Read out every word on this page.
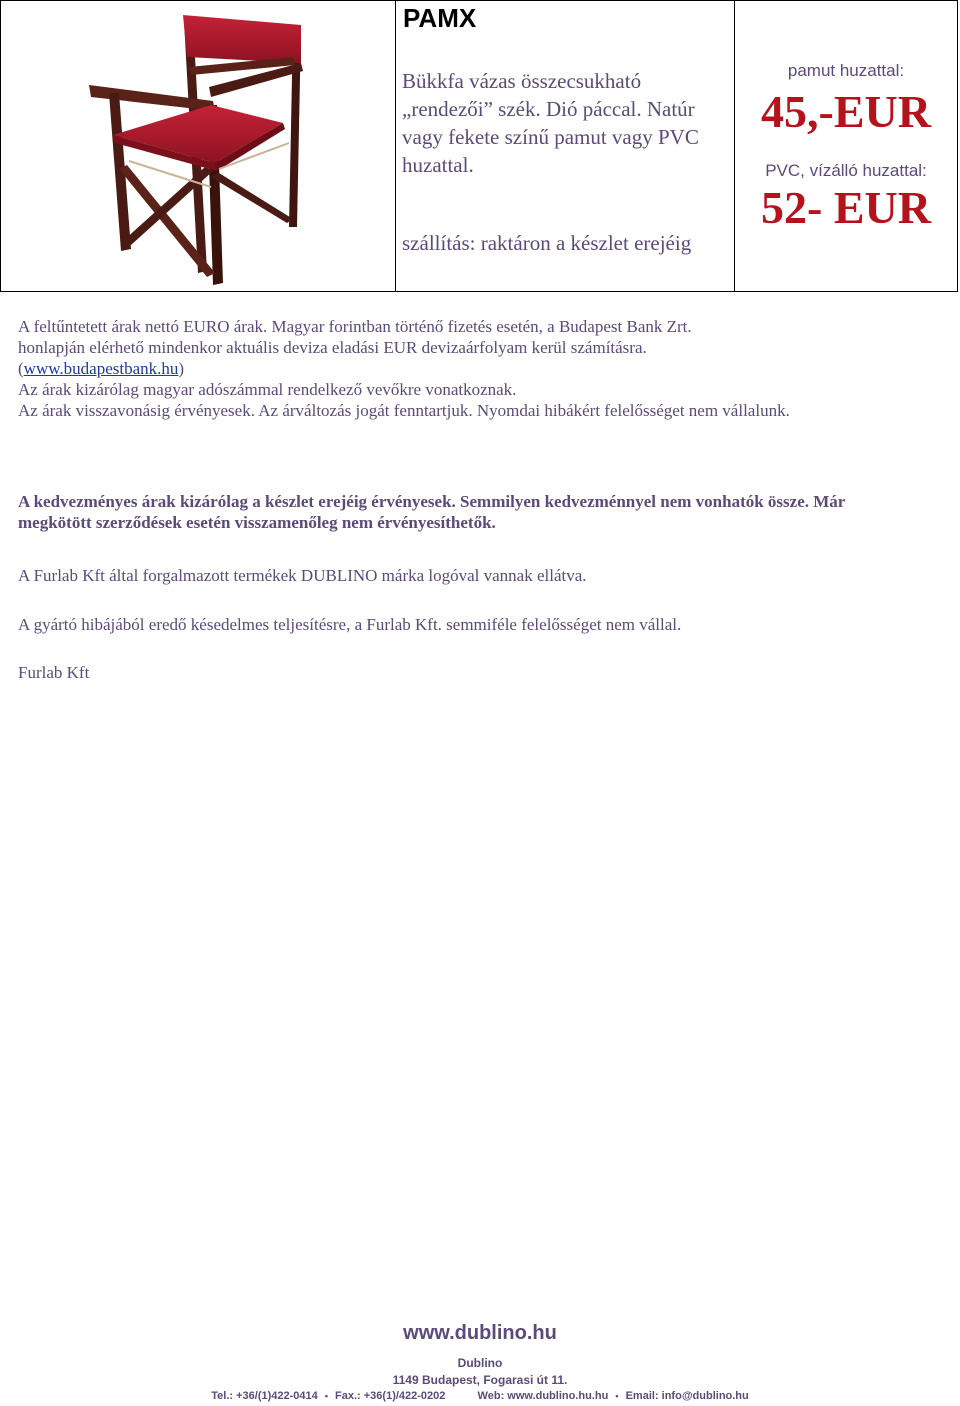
PAMX
Bükkfa vázas összecsukható „rendezői” szék. Dió páccal. Natúr vagy fekete színű pamut vagy PVC huzattal.
szállítás: raktáron a készlet erejéig
pamut huzattal:
45,-EUR
PVC, vízálló huzattal:
52- EUR

A feltűntetett árak nettó EURO árak. Magyar forintban történő fizetés esetén, a Budapest Bank Zrt.

honlapján elérhető mindenkor aktuális deviza eladási EUR devizaárfolyam kerül számításra.

(www.budapestbank.hu)

Az árak kizárólag magyar adószámmal rendelkező vevőkre vonatkoznak.

Az árak visszavonásig érvényesek. Az árváltozás jogát fenntartjuk. Nyomdai hibákért felelősséget nem vállalunk.

A kedvezményes árak kizárólag a készlet erejéig érvényesek. Semmilyen kedvezménnyel nem vonhatók össze. Már megkötött szerződések esetén visszamenőleg nem érvényesíthetők.
A Furlab Kft által forgalmazott termékek DUBLINO márka logóval vannak ellátva.
A gyártó hibájából eredő késedelmes teljesítésre, a Furlab Kft. semmiféle felelősséget nem vállal.
Furlab Kft
www.dublino.hu
Dublino
1149 Budapest, Fogarasi út 11.
Tel.: +36/(1)422-0414 • Fax.: +36(1)/422-0202	Web: www.dublino.hu.hu • Email: info@dublino.hu
